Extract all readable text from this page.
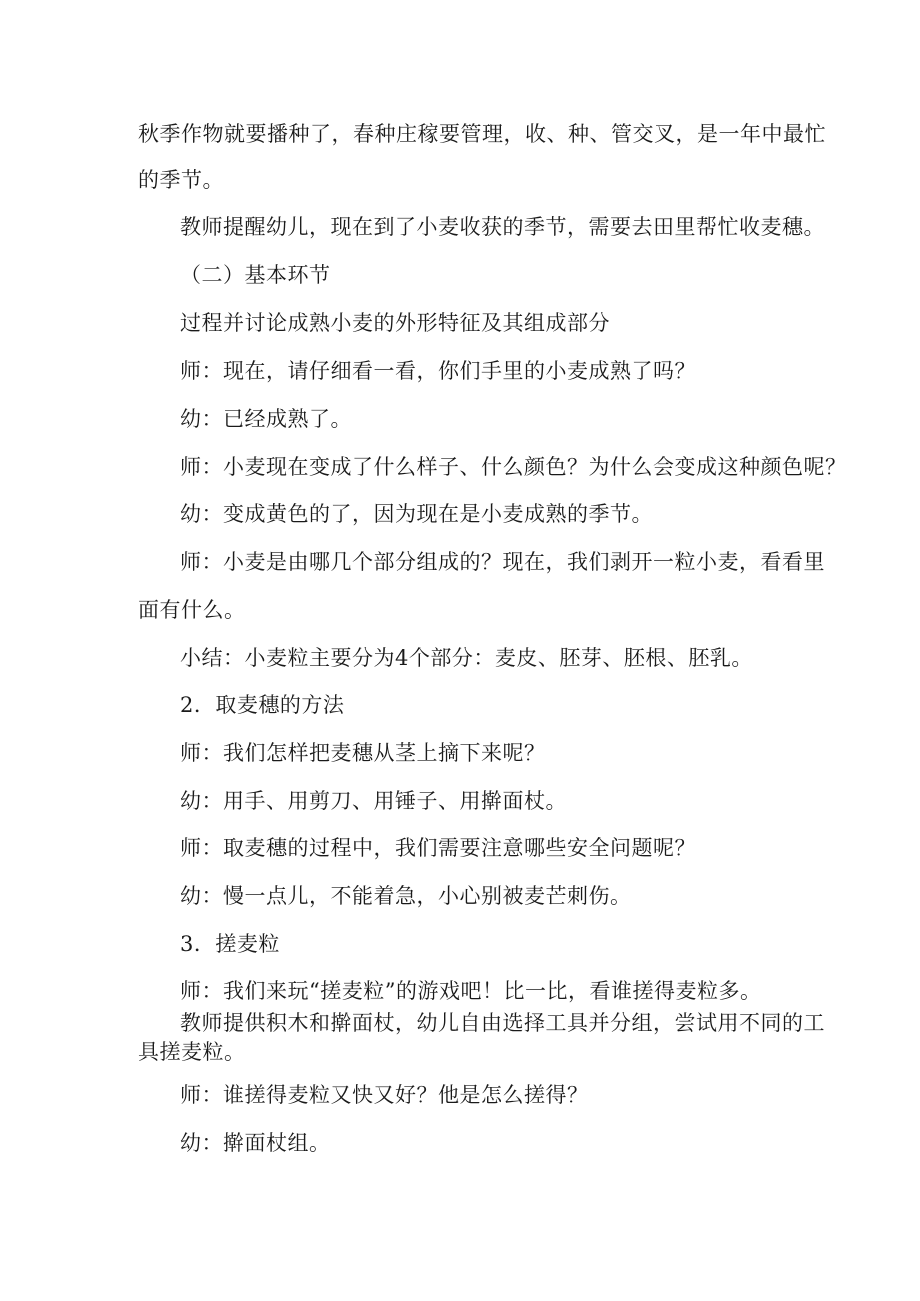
秋季作物就要播种了，春种庄稼要管理，收、种、管交叉，是一年中最忙
的季节。
教师提醒幼儿，现在到了小麦收获的季节，需要去田里帮忙收麦穗。
（二）基本环节
过程并讨论成熟小麦的外形特征及其组成部分
师：现在，请仔细看一看，你们手里的小麦成熟了吗？
幼：已经成熟了。
师：小麦现在变成了什么样子、什么颜色？为什么会变成这种颜色呢？
幼：变成黄色的了，因为现在是小麦成熟的季节。
师：小麦是由哪几个部分组成的？现在，我们剥开一粒小麦，看看里
面有什么。
小结：小麦粒主要分为4个部分：麦皮、胚芽、胚根、胚乳。
2．取麦穗的方法
师：我们怎样把麦穗从茎上摘下来呢？
幼：用手、用剪刀、用锤子、用擀面杖。
师：取麦穗的过程中，我们需要注意哪些安全问题呢？
幼：慢一点儿，不能着急，小心别被麦芒刺伤。
3．搓麦粒
师：我们来玩“搓麦粒”的游戏吧！比一比，看谁搓得麦粒多。
教师提供积木和擀面杖，幼儿自由选择工具并分组，尝试用不同的工
具搓麦粒。
师：谁搓得麦粒又快又好？他是怎么搓得？
幼：擀面杖组。
